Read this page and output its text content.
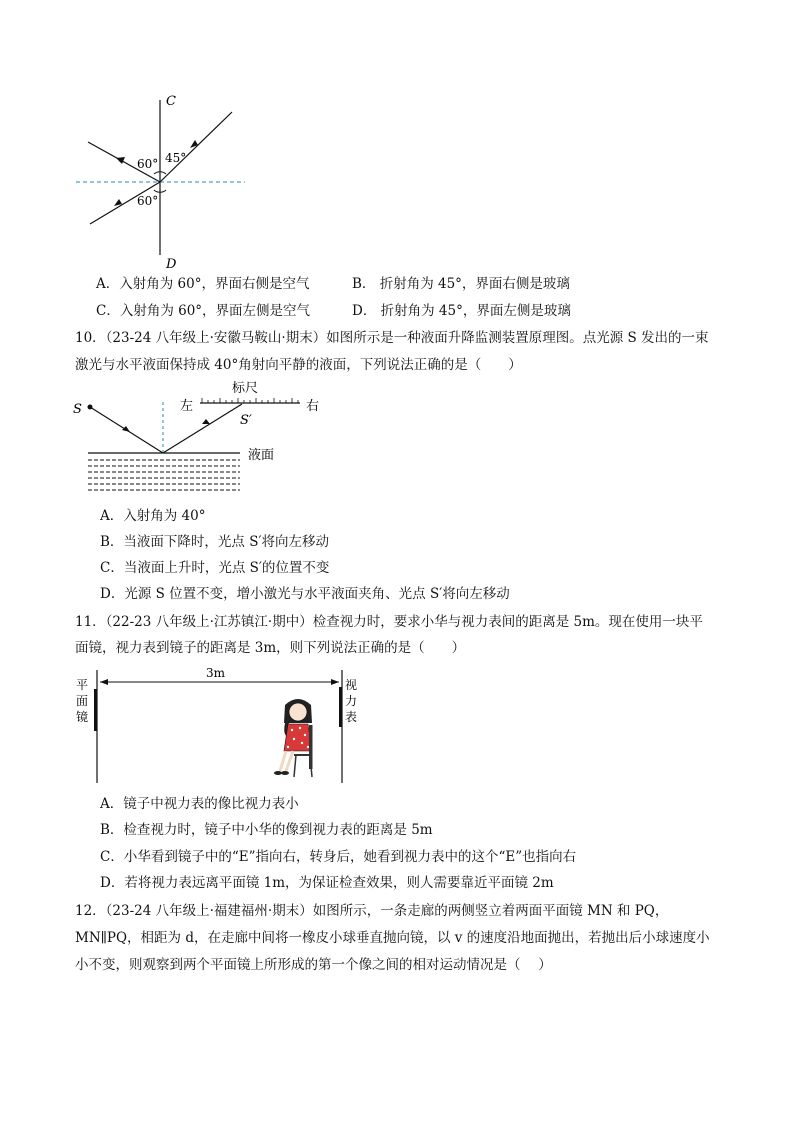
C
D
60° 45°
60°
A．入射角为 60°，界面右侧是空气	B． 折射角为 45°，界面右侧是玻璃
C．入射角为 60°，界面左侧是空气	D． 折射角为 45°，界面左侧是玻璃
10．（23-24 八年级上·安徽马鞍山·期末）如图所示是一种液面升降监测装置原理图。点光源 S 发出的一束
激光与水平液面保持成 40°角射向平静的液面，下列说法正确的是（　　）
S	左	右
标尺
S′
液面
A．入射角为 40°
B．当液面下降时，光点 S′将向左移动
C．当液面上升时，光点 S′的位置不变
D．光源 S 位置不变，增小激光与水平液面夹角、光点 S′将向左移动
11．（22-23 八年级上·江苏镇江·期中）检查视力时，要求小华与视力表间的距离是 5m。现在使用一块平
面镜，视力表到镜子的距离是 3m，则下列说法正确的是（　　）
平
面
镜
视
力
表
3m
A．镜子中视力表的像比视力表小
B．检查视力时，镜子中小华的像到视力表的距离是 5m
C．小华看到镜子中的“E”指向右，转身后，她看到视力表中的这个“E”也指向右
D．若将视力表远离平面镜 1m，为保证检查效果，则人需要靠近平面镜 2m
12．（23-24 八年级上·福建福州·期末）如图所示，一条走廊的两侧竖立着两面平面镜 MN 和 PQ，
MN∥PQ，相距为 d，在走廊中间将一橡皮小球垂直抛向镜，以 v 的速度沿地面抛出，若抛出后小球速度小
小不变，则观察到两个平面镜上所形成的第一个像之间的相对运动情况是（　 ）
